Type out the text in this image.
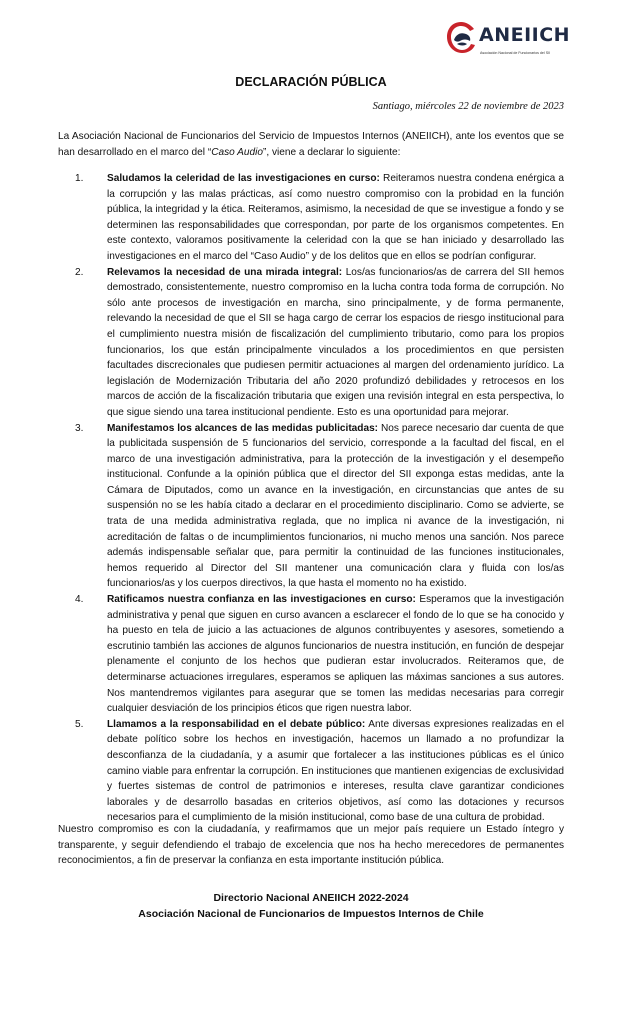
ANEIICH
Asociación Nacional de Funcionarios del SII
DECLARACIÓN PÚBLICA
Santiago, miércoles 22 de noviembre de 2023

La Asociación Nacional de Funcionarios del Servicio de Impuestos Internos (ANEIICH), ante los eventos que se han desarrollado en el marco del “Caso Audio”, viene a declarar lo siguiente:

1.	Saludamos la celeridad de las investigaciones en curso: Reiteramos nuestra condena enérgica a la corrupción y las malas prácticas, así como nuestro compromiso con la probidad en la función pública, la integridad y la ética. Reiteramos, asimismo, la necesidad de que se investigue a fondo y se determinen las responsabilidades que correspondan, por parte de los organismos competentes. En este contexto, valoramos positivamente la celeridad con la que se han iniciado y desarrollado las investigaciones en el marco del “Caso Audio” y de los delitos que en ellos se podrían configurar.
2.	Relevamos la necesidad de una mirada integral: Los/as funcionarios/as de carrera del SII hemos demostrado, consistentemente, nuestro compromiso en la lucha contra toda forma de corrupción. No sólo ante procesos de investigación en marcha, sino principalmente, y de forma permanente, relevando la necesidad de que el SII se haga cargo de cerrar los espacios de riesgo institucional para el cumplimiento nuestra misión de fiscalización del cumplimiento tributario, como para los propios funcionarios, los que están principalmente vinculados a los procedimientos en que persisten facultades discrecionales que pudiesen permitir actuaciones al margen del ordenamiento jurídico. La legislación de Modernización Tributaria del año 2020 profundizó debilidades y retrocesos en los marcos de acción de la fiscalización tributaria que exigen una revisión integral en esta perspectiva, lo que sigue siendo una tarea institucional pendiente. Esto es una oportunidad para mejorar.
3.	Manifestamos los alcances de las medidas publicitadas: Nos parece necesario dar cuenta de que la publicitada suspensión de 5 funcionarios del servicio, corresponde a la facultad del fiscal, en el marco de una investigación administrativa, para la protección de la investigación y el desempeño institucional. Confunde a la opinión pública que el director del SII exponga estas medidas, ante la Cámara de Diputados, como un avance en la investigación, en circunstancias que antes de su suspensión no se les había citado a declarar en el procedimiento disciplinario. Como se advierte, se trata de una medida administrativa reglada, que no implica ni avance de la investigación, ni acreditación de faltas o de incumplimientos funcionarios, ni mucho menos una sanción. Nos parece además indispensable señalar que, para permitir la continuidad de las funciones institucionales, hemos requerido al Director del SII mantener una comunicación clara y fluida con los/as funcionarios/as y los cuerpos directivos, la que hasta el momento no ha existido.
4.	Ratificamos nuestra confianza en las investigaciones en curso: Esperamos que la investigación administrativa y penal que siguen en curso avancen a esclarecer el fondo de lo que se ha conocido y ha puesto en tela de juicio a las actuaciones de algunos contribuyentes y asesores, sometiendo a escrutinio también las acciones de algunos funcionarios de nuestra institución, en función de despejar plenamente el conjunto de los hechos que pudieran estar involucrados. Reiteramos que, de determinarse actuaciones irregulares, esperamos se apliquen las máximas sanciones a sus autores. Nos mantendremos vigilantes para asegurar que se tomen las medidas necesarias para corregir cualquier desviación de los principios éticos que rigen nuestra labor.
5.	Llamamos a la responsabilidad en el debate público: Ante diversas expresiones realizadas en el debate político sobre los hechos en investigación, hacemos un llamado a no profundizar la desconfianza de la ciudadanía, y a asumir que fortalecer a las instituciones públicas es el único camino viable para enfrentar la corrupción. En instituciones que mantienen exigencias de exclusividad y fuertes sistemas de control de patrimonios e intereses, resulta clave garantizar condiciones laborales y de desarrollo basadas en criterios objetivos, así como las dotaciones y recursos necesarios para el cumplimiento de la misión institucional, como base de una cultura de probidad.

Nuestro compromiso es con la ciudadanía, y reafirmamos que un mejor país requiere un Estado íntegro y transparente, y seguir defendiendo el trabajo de excelencia que nos ha hecho merecedores de permanentes reconocimientos, a fin de preservar la confianza en esta importante institución pública.

Directorio Nacional ANEIICH 2022-2024
Asociación Nacional de Funcionarios de Impuestos Internos de Chile
